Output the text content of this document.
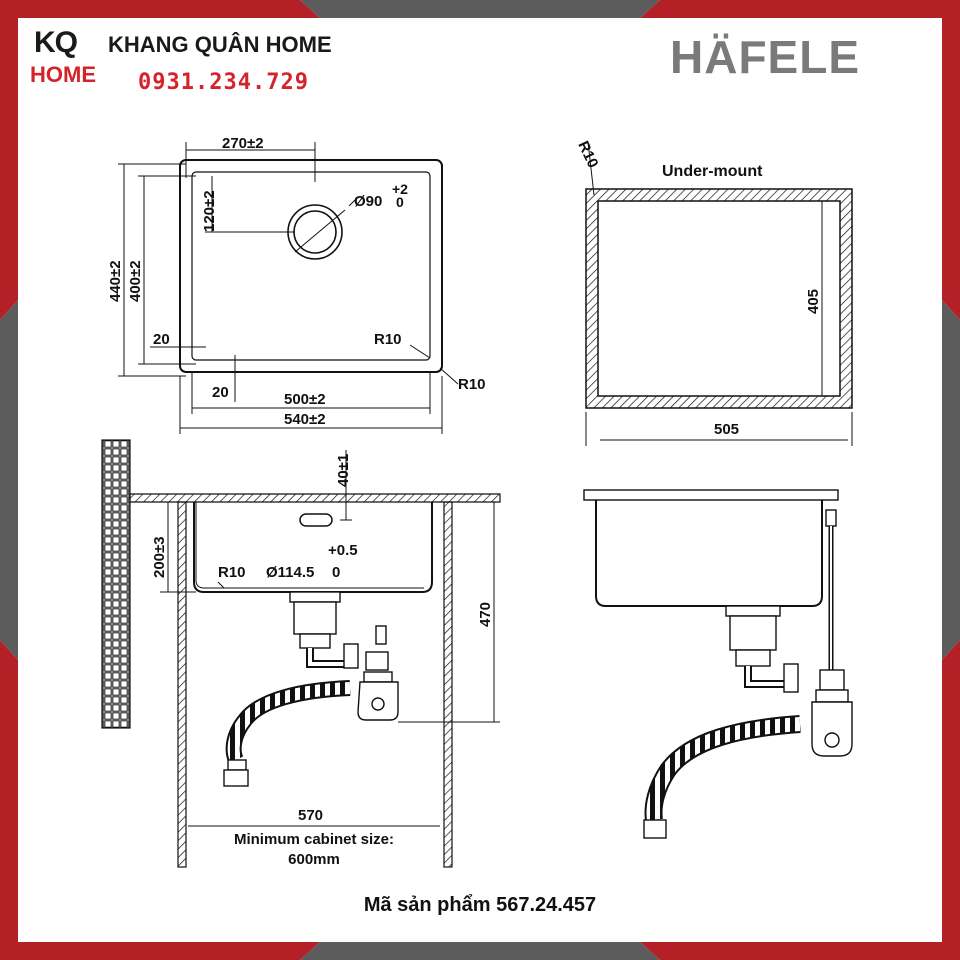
KQ
HOME
KHANG QUÂN HOME
0931.234.729	HÄFELE
270±2
120±2	Ø90
+2
0
440±2 400±2
20
20
R10
R10
500±2
540±2
R10
Under-mount
405
505
40±1
200±3	R10 Ø114.5
+0.5
0
470
570
Minimum cabinet size:
600mm
Mã sản phẩm 567.24.457
